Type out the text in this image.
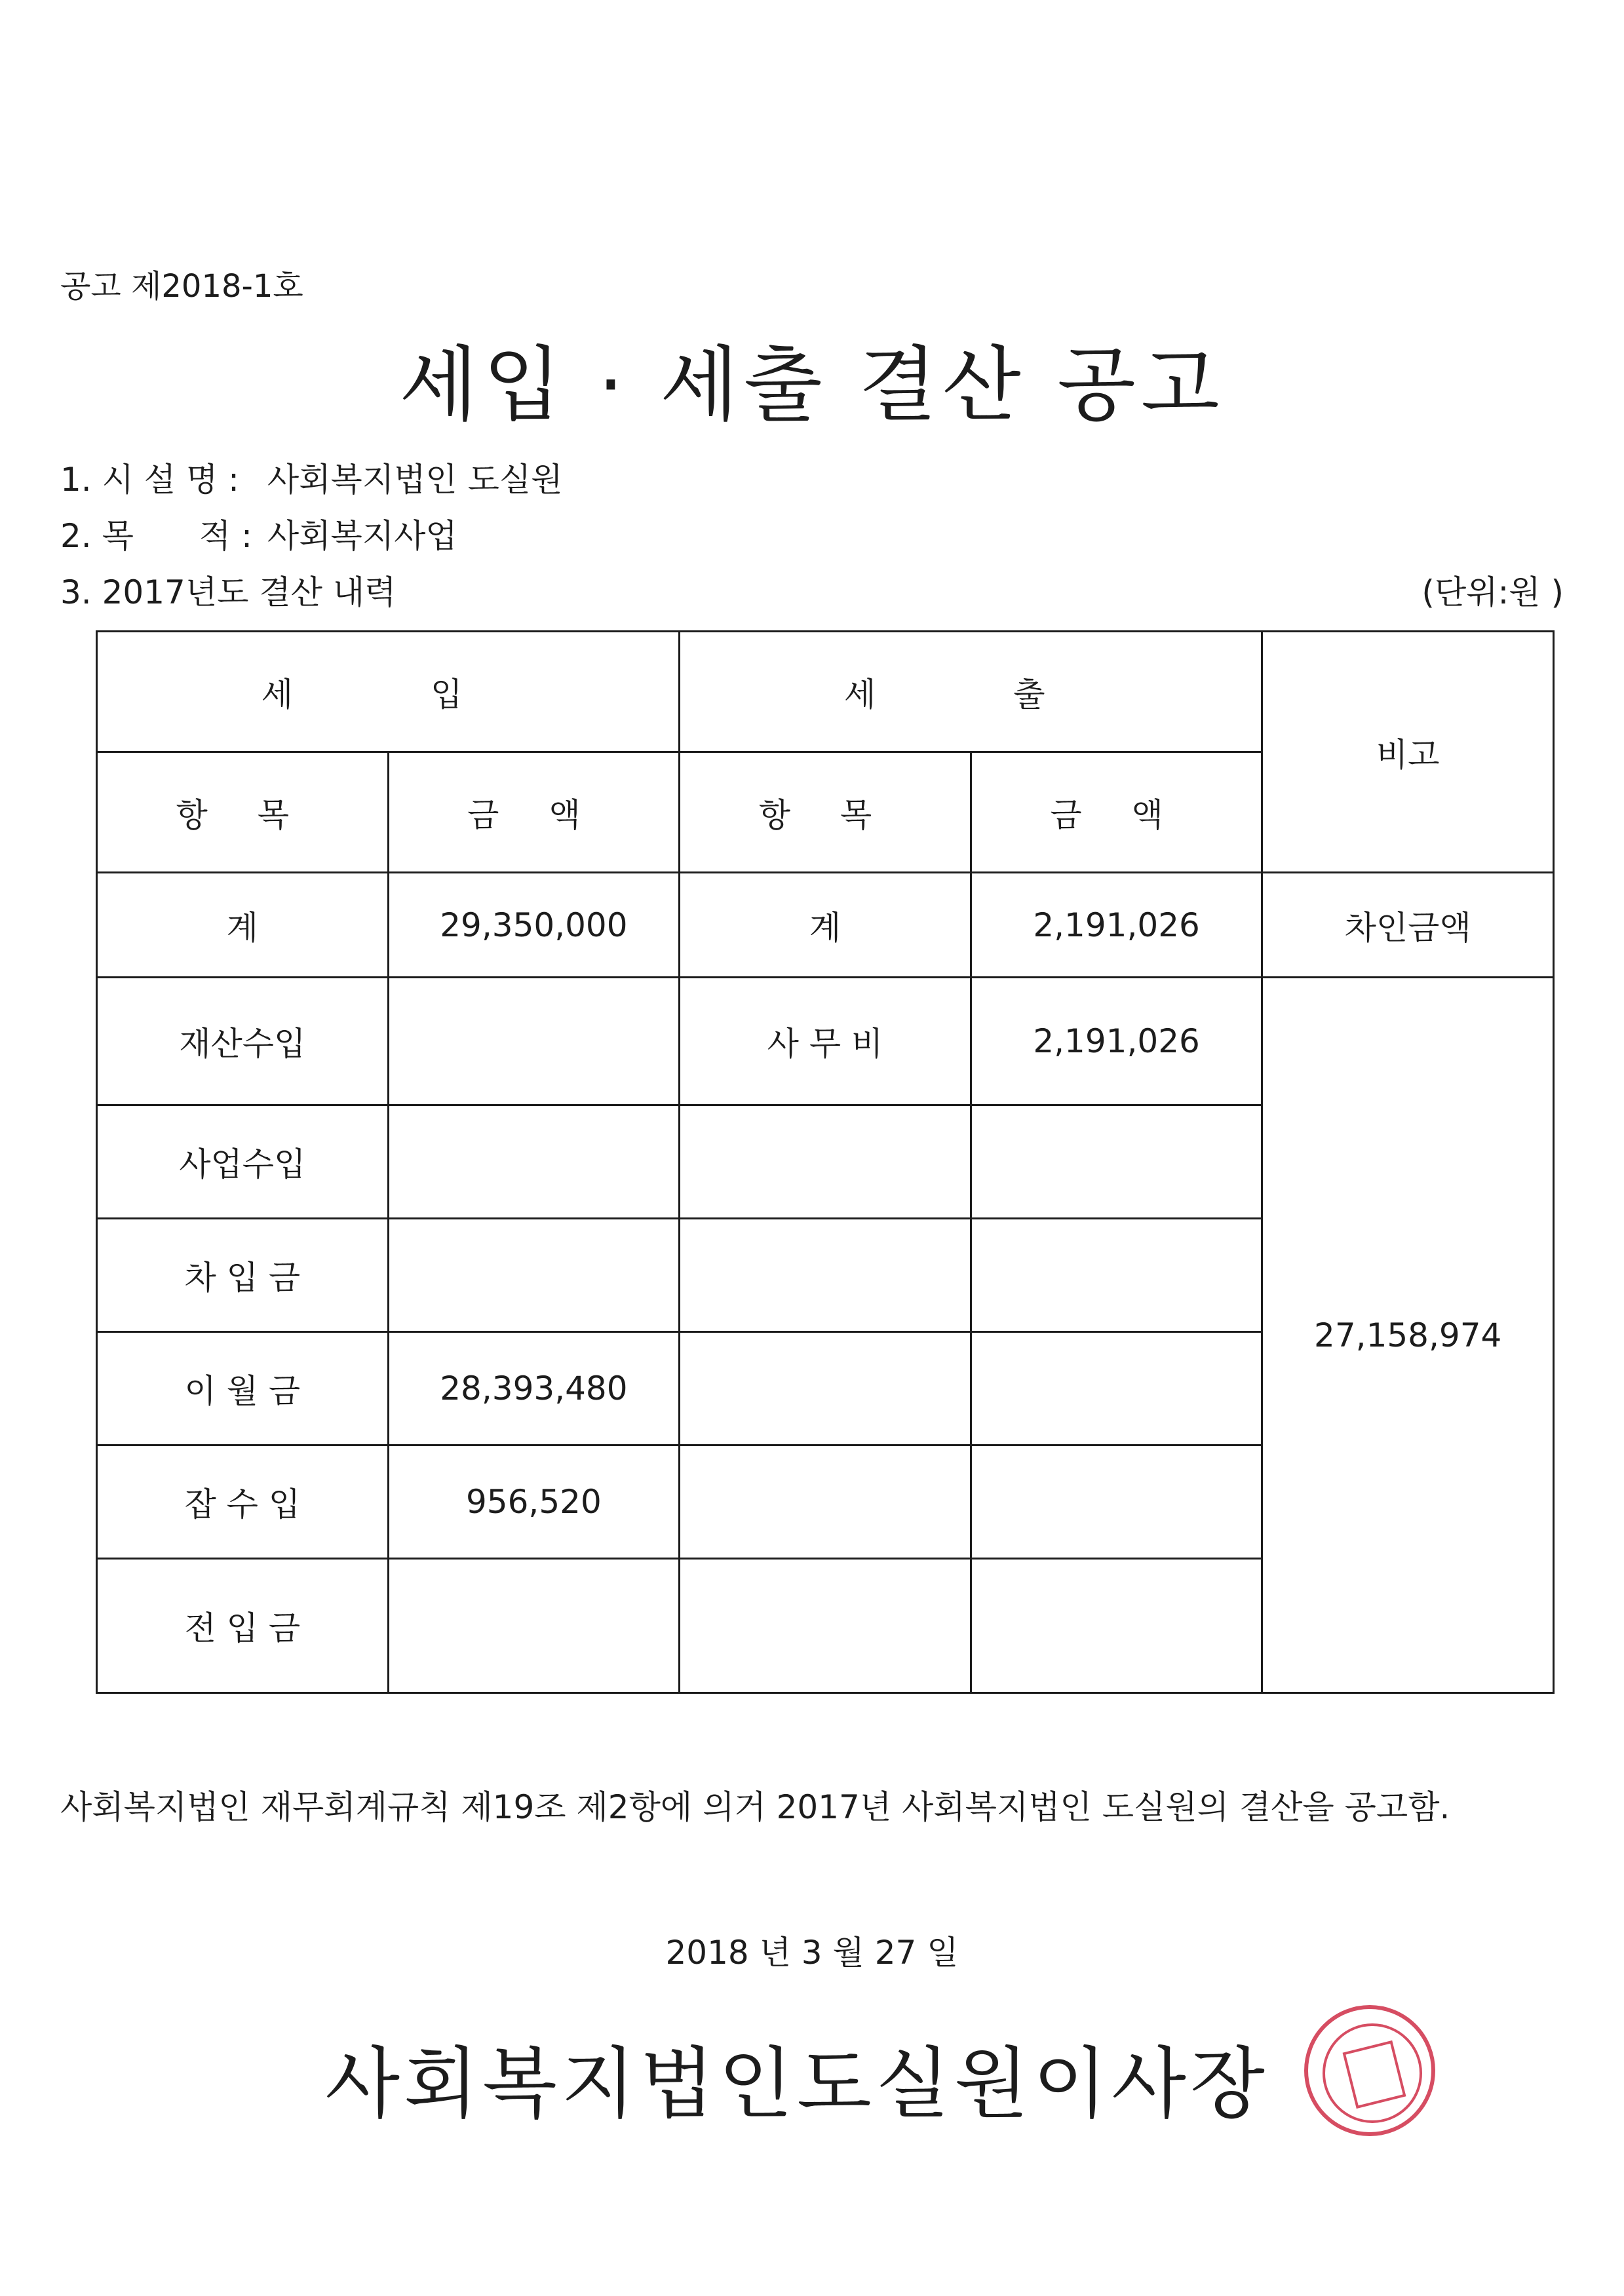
공고 제2018-1호
세입 · 세출 결산 공고
1. 시 설 명 : 사회복지법인 도실원
2. 목　　적 : 사회복지사업
3. 2017년도 결산 내력	(단위:원 )
세　입		세　출		비고
항 목	금 액	항 목	금 액	
계	29,350,000	계	2,191,026	차인금액
재산수입		사 무 비	2,191,026	27,158,974
사업수입				
차 입 금				
이 월 금	28,393,480			
잡 수 입	956,520			
전 입 금				
사회복지법인 재무회계규칙 제19조 제2항에 의거 2017년 사회복지법인 도실원의 결산을 공고함.
2018 년 3 월 27 일
사회복지법인도실원이사장
